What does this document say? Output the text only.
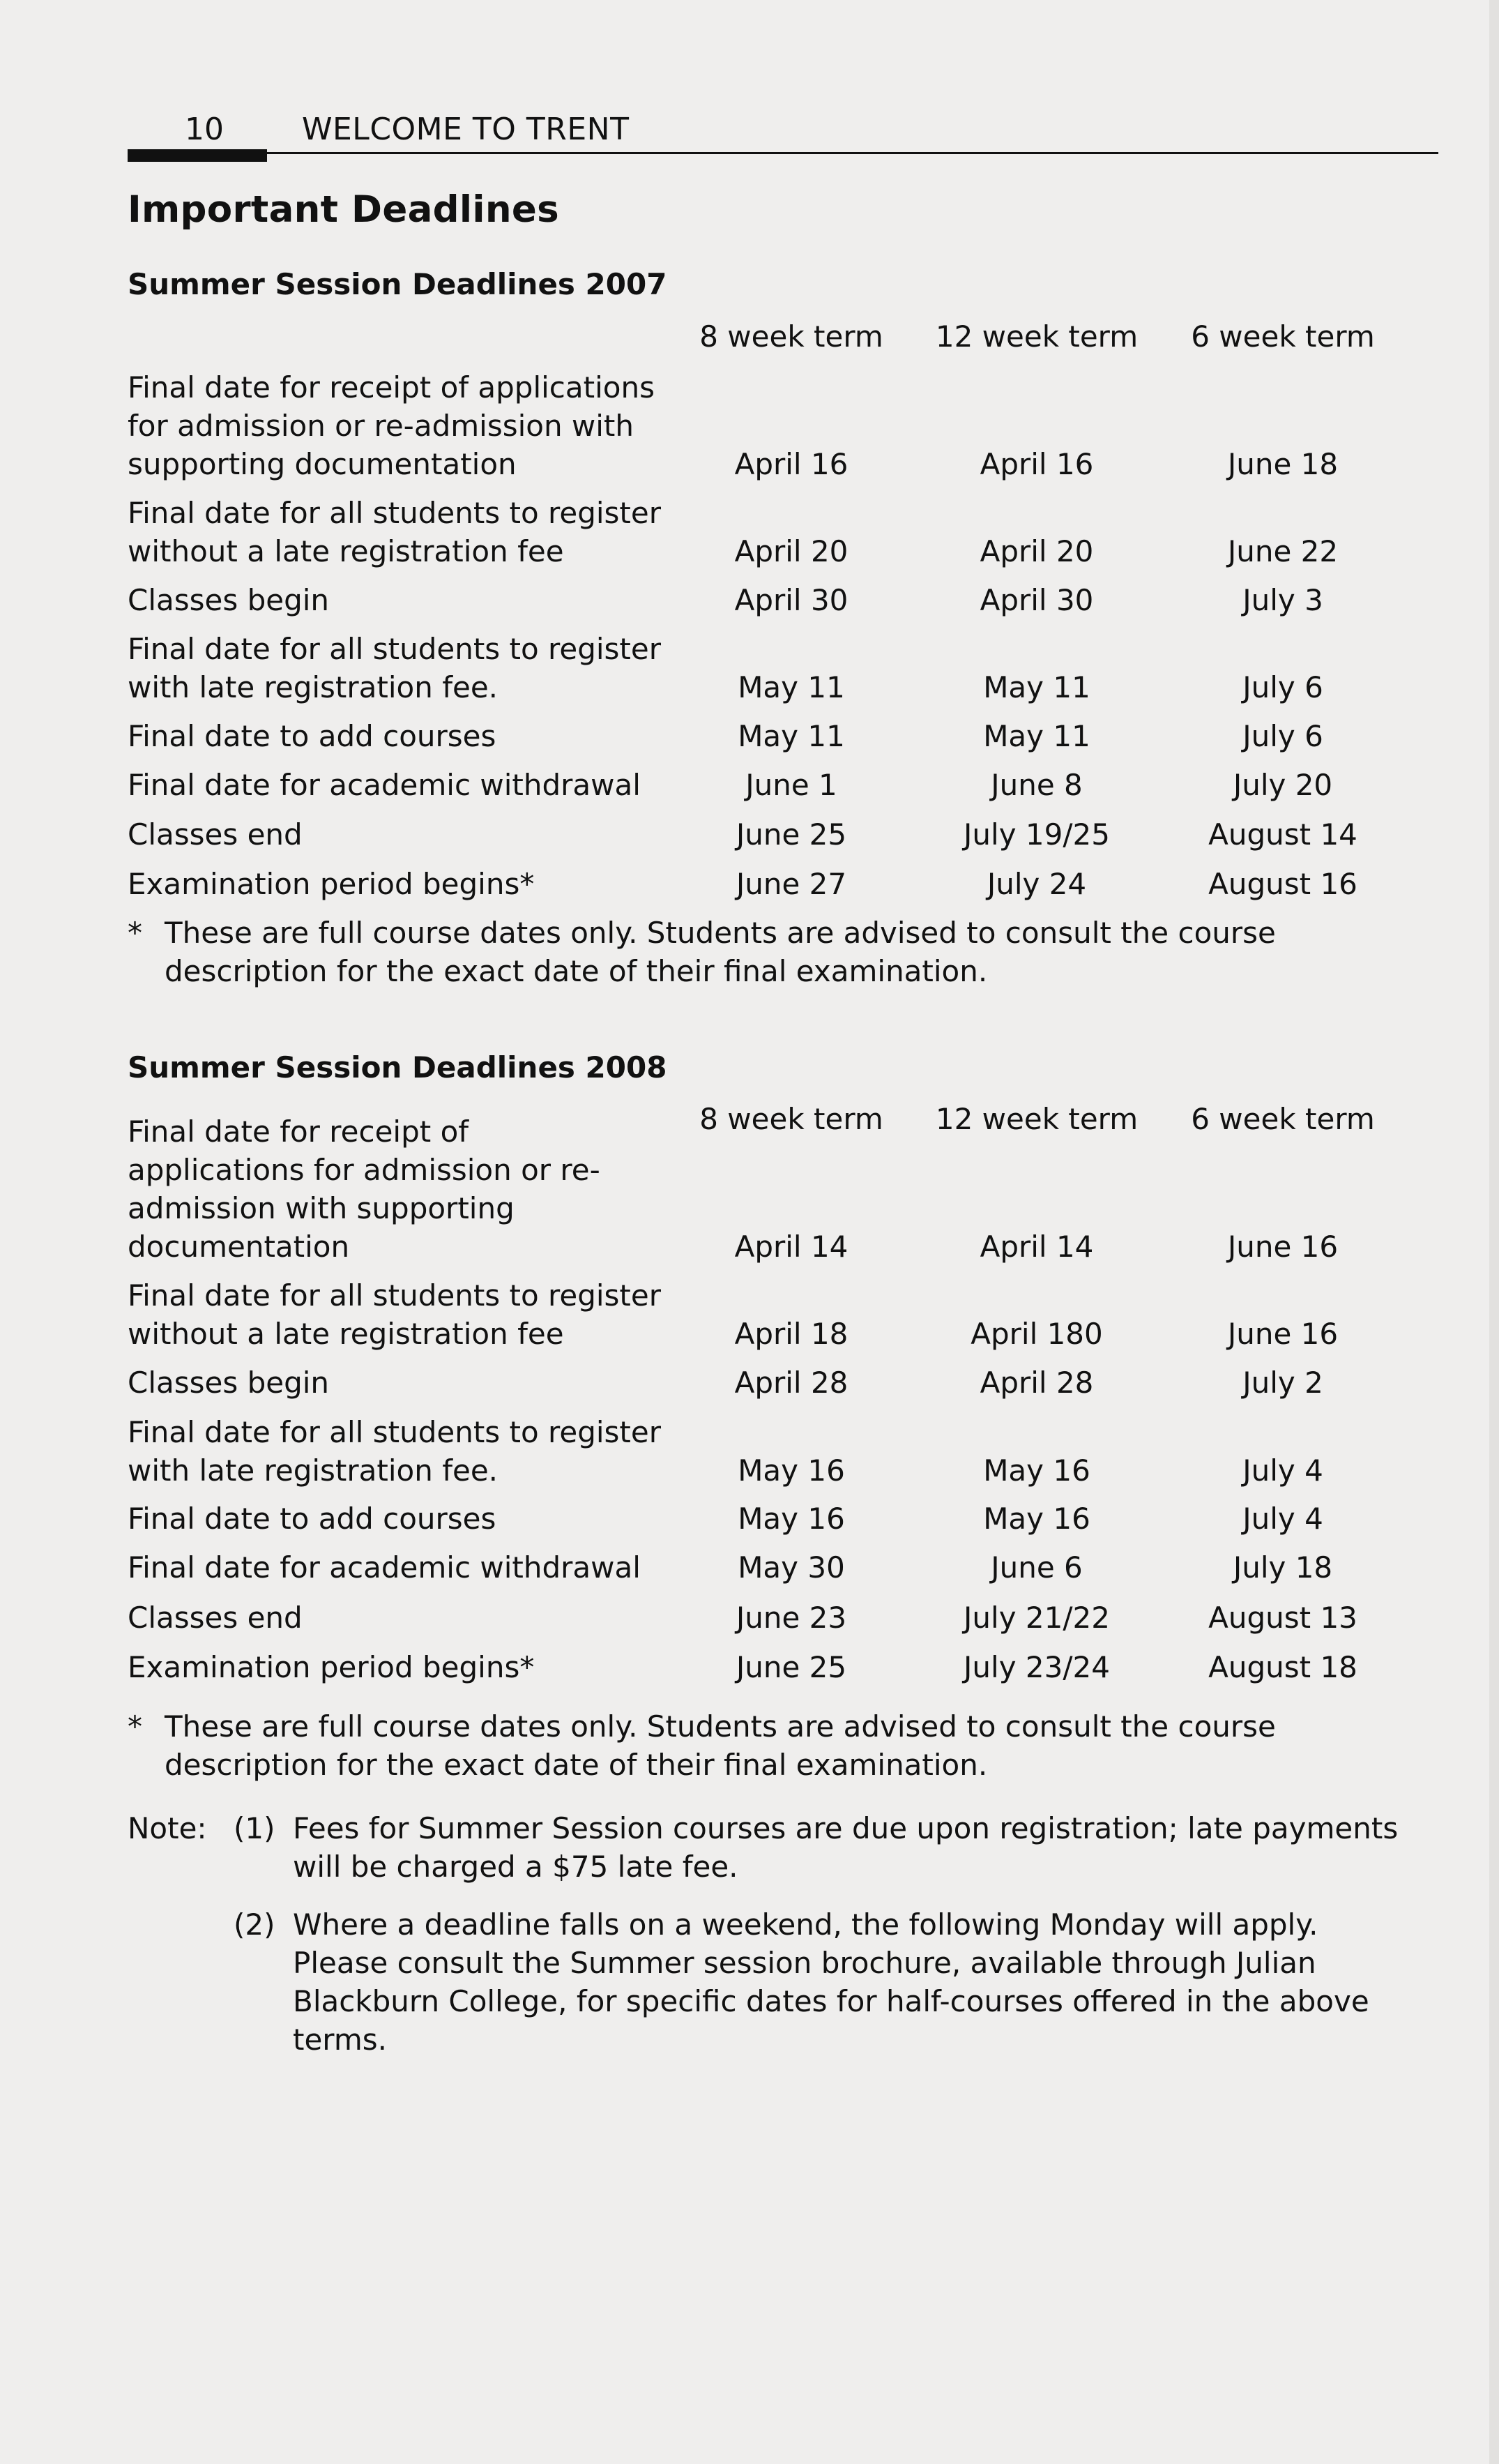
10	WELCOME TO TRENT
Important Deadlines
Summer Session Deadlines 2007
8 week term	12 week term	6 week term
Final date for receipt of applications for admission or re-admission with supporting documentation	April 16	April 16	June 18
Final date for all students to register without a late registration fee	April 20	April 20	June 22
Classes begin	April 30	April 30	July 3
Final date for all students to register with late registration fee.	May 11	May 11	July 6
Final date to add courses	May 11	May 11	July 6
Final date for academic withdrawal	June 1	June 8	July 20
Classes end	June 25	July 19/25	August 14
Examination period begins*	June 27	July 24	August 16
* These are full course dates only. Students are advised to consult the course description for the exact date of their final examination.
Summer Session Deadlines 2008
8 week term	12 week term	6 week term
Final date for receipt of applications for admission or re-admission with supporting documentation	April 14	April 14	June 16
Final date for all students to register without a late registration fee	April 18	April 180	June 16
Classes begin	April 28	April 28	July 2
Final date for all students to register with late registration fee.	May 16	May 16	July 4
Final date to add courses	May 16	May 16	July 4
Final date for academic withdrawal	May 30	June 6	July 18
Classes end	June 23	July 21/22	August 13
Examination period begins*	June 25	July 23/24	August 18
* These are full course dates only. Students are advised to consult the course description for the exact date of their final examination.
Note: (1) Fees for Summer Session courses are due upon registration; late payments will be charged a $75 late fee.
(2) Where a deadline falls on a weekend, the following Monday will apply. Please consult the Summer session brochure, available through Julian Blackburn College, for specific dates for half-courses offered in the above terms.
